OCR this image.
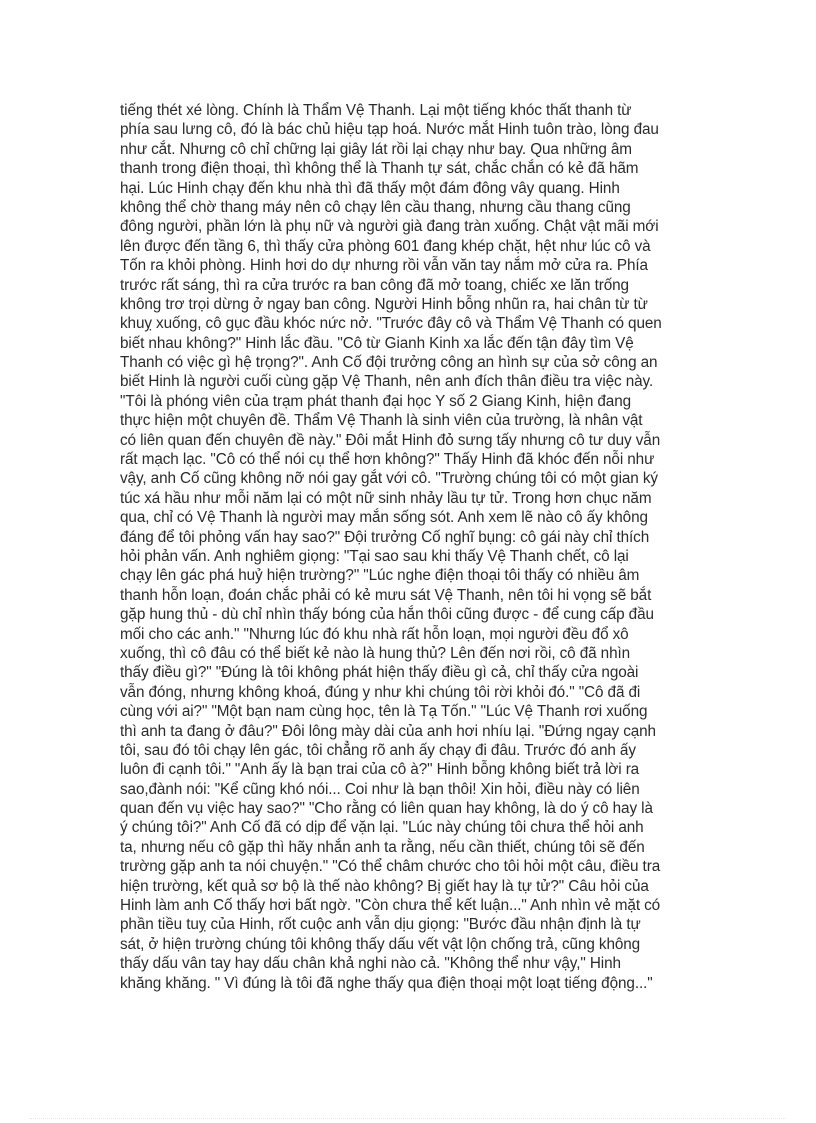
tiếng thét xé lòng. Chính là Thẩm Vệ Thanh. Lại một tiếng khóc thất thanh từ
phía sau lưng cô, đó là bác chủ hiệu tạp hoá. Nước mắt Hinh tuôn trào, lòng đau
như cắt. Nhưng cô chỉ chững lại giây lát rồi lại chạy như bay. Qua những âm
thanh trong điện thoại, thì không thể là Thanh tự sát, chắc chắn có kẻ đã hãm
hại. Lúc Hinh chạy đến khu nhà thì đã thấy một đám đông vây quang. Hinh
không thể chờ thang máy nên cô chạy lên cầu thang, nhưng cầu thang cũng
đông người, phần lớn là phụ nữ và người già đang tràn xuống. Chật vật mãi mới
lên được đến tầng 6, thì thấy cửa phòng 601 đang khép chặt, hệt như lúc cô và
Tốn ra khỏi phòng. Hinh hơi do dự nhưng rồi vẫn văn tay nắm mở cửa ra. Phía
trước rất sáng, thì ra cửa trước ra ban công đã mở toang, chiếc xe lăn trống
không trơ trọi dừng ở ngay ban công. Người Hinh bỗng nhũn ra, hai chân từ từ
khuỵ xuống, cô gục đầu khóc nức nở. "Trước đây cô và Thẩm Vệ Thanh có quen
biết nhau không?" Hinh lắc đầu. "Cô từ Gianh Kinh xa lắc đến tận đây tìm Vệ
Thanh có việc gì hệ trọng?". Anh Cố đội trưởng công an hình sự của sở công an
biết Hinh là người cuối cùng gặp Vệ Thanh, nên anh đích thân điều tra việc này.
"Tôi là phóng viên của trạm phát thanh đại học Y số 2 Giang Kinh, hiện đang
thực hiện một chuyên đề. Thẩm Vệ Thanh là sinh viên của trường, là nhân vật
có liên quan đến chuyên đề này." Đôi mắt Hinh đỏ sưng tấy nhưng cô tư duy vẫn
rất mạch lạc. "Cô có thể nói cụ thể hơn không?" Thấy Hinh đã khóc đến nỗi như
vậy, anh Cố cũng không nỡ nói gay gắt với cô. "Trường chúng tôi có một gian ký
túc xá hầu như mỗi năm lại có một nữ sinh nhảy lầu tự tử. Trong hơn chục năm
qua, chỉ có Vệ Thanh là người may mắn sống sót. Anh xem lẽ nào cô ấy không
đáng để tôi phỏng vấn hay sao?" Đội trưởng Cố nghĩ bụng: cô gái này chỉ thích
hỏi phản vấn. Anh nghiêm giọng: "Tại sao sau khi thấy Vệ Thanh chết, cô lại
chạy lên gác phá huỷ hiện trường?" "Lúc nghe điện thoại tôi thấy có nhiều âm
thanh hỗn loạn, đoán chắc phải có kẻ mưu sát Vệ Thanh, nên tôi hi vọng sẽ bắt
gặp hung thủ - dù chỉ nhìn thấy bóng của hắn thôi cũng được - để cung cấp đầu
mối cho các anh." "Nhưng lúc đó khu nhà rất hỗn loạn, mọi người đều đổ xô
xuống, thì cô đâu có thể biết kẻ nào là hung thủ? Lên đến nơi rồi, cô đã nhìn
thấy điều gì?" "Đúng là tôi không phát hiện thấy điều gì cả, chỉ thấy cửa ngoài
vẫn đóng, nhưng không khoá, đúng y như khi chúng tôi rời khỏi đó." "Cô đã đi
cùng với ai?" "Một bạn nam cùng học, tên là Tạ Tốn." "Lúc Vệ Thanh rơi xuống
thì anh ta đang ở đâu?" Đôi lông mày dài của anh hơi nhíu lại. "Đứng ngay cạnh
tôi, sau đó tôi chạy lên gác, tôi chẳng rõ anh ấy chạy đi đâu. Trước đó anh ấy
luôn đi cạnh tôi." "Anh ấy là bạn trai của cô à?" Hinh bỗng không biết trả lời ra
sao,đành nói: "Kể cũng khó nói... Coi như là bạn thôi! Xin hỏi, điều này có liên
quan đến vụ việc hay sao?" "Cho rằng có liên quan hay không, là do ý cô hay là
ý chúng tôi?" Anh Cố đã có dịp để vặn lại. "Lúc này chúng tôi chưa thể hỏi anh
ta, nhưng nếu cô gặp thì hãy nhắn anh ta rằng, nếu cần thiết, chúng tôi sẽ đến
trường gặp anh ta nói chuyện." "Có thể châm chước cho tôi hỏi một câu, điều tra
hiện trường, kết quả sơ bộ là thế nào không? Bị giết hay là tự tử?" Câu hỏi của
Hinh làm anh Cố thấy hơi bất ngờ. "Còn chưa thể kết luận..." Anh nhìn vẻ mặt có
phần tiều tuỵ của Hinh, rốt cuộc anh vẫn dịu giọng: "Bước đầu nhận định là tự
sát, ở hiện trường chúng tôi không thấy dấu vết vật lộn chống trả, cũng không
thấy dấu vân tay hay dấu chân khả nghi nào cả. "Không thể như vậy," Hinh
khăng khăng. " Vì đúng là tôi đã nghe thấy qua điện thoại một loạt tiếng động..."
